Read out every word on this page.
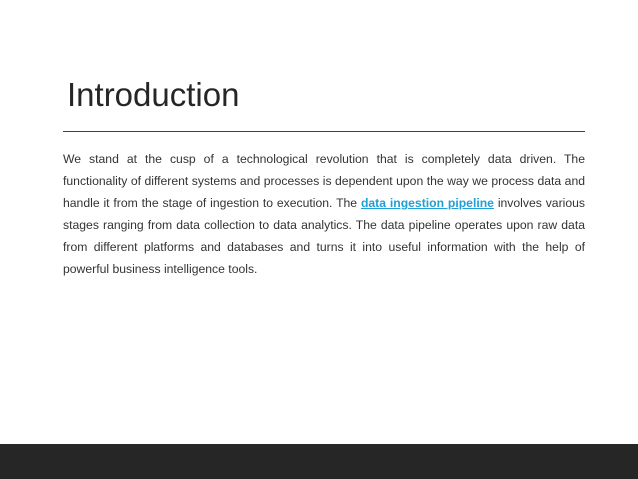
Introduction

We stand at the cusp of a technological revolution that is completely data driven. The functionality of different systems and processes is dependent upon the way we process data and handle it from the stage of ingestion to execution. The data ingestion pipeline involves various stages ranging from data collection to data analytics. The data pipeline operates upon raw data from different platforms and databases and turns it into useful information with the help of powerful business intelligence tools.
